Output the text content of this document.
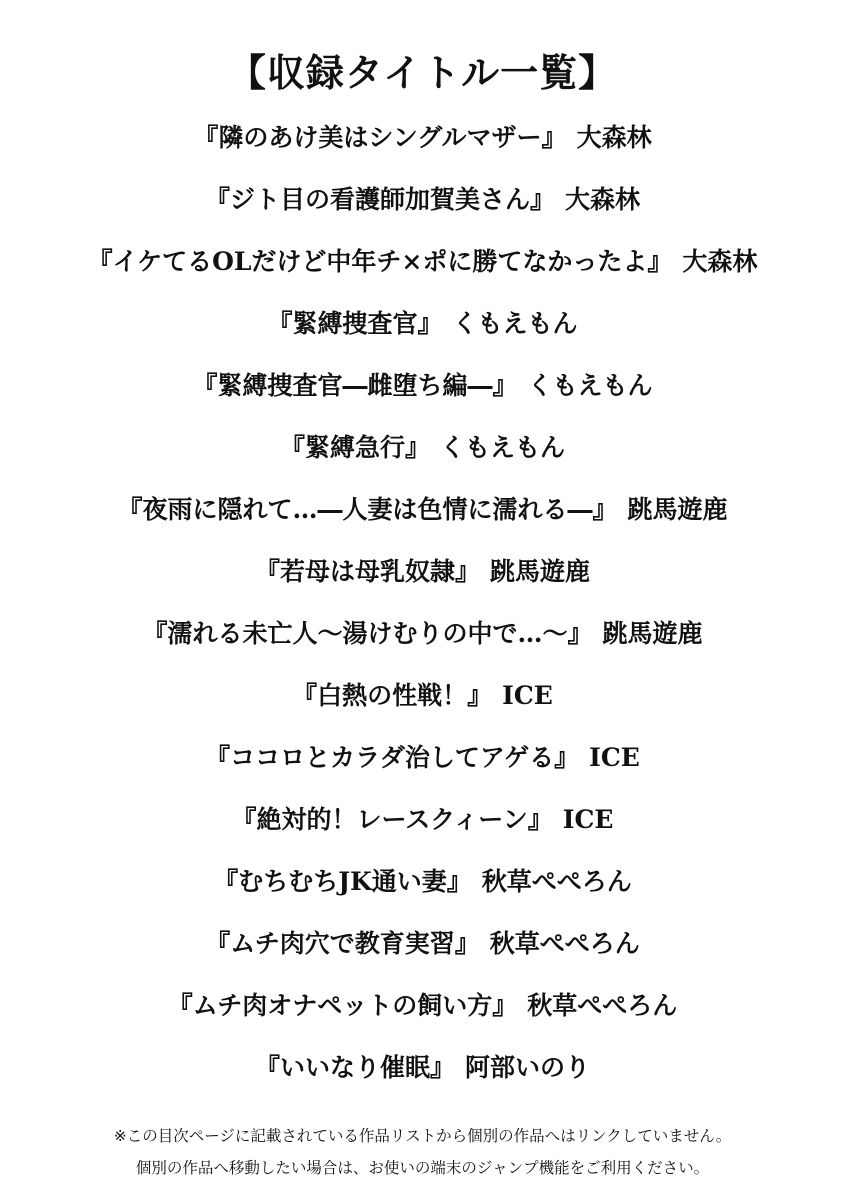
【収録タイトル一覧】
『隣のあけ美はシングルマザー』 大森林
『ジト目の看護師加賀美さん』 大森林
『イケてるOLだけど中年チ×ポに勝てなかったよ』 大森林
『緊縛捜査官』 くもえもん
『緊縛捜査官―雌堕ち編―』 くもえもん
『緊縛急行』 くもえもん
『夜雨に隠れて…―人妻は色情に濡れる―』 跳馬遊鹿
『若母は母乳奴隷』 跳馬遊鹿
『濡れる未亡人～湯けむりの中で…～』 跳馬遊鹿
『白熱の性戦！』 ICE
『ココロとカラダ治してアゲる』 ICE
『絶対的！レースクィーン』 ICE
『むちむちJK通い妻』 秋草ぺぺろん
『ムチ肉穴で教育実習』 秋草ぺぺろん
『ムチ肉オナペットの飼い方』 秋草ぺぺろん
『いいなり催眠』 阿部いのり
※この目次ページに記載されている作品リストから個別の作品へはリンクしていません。
個別の作品へ移動したい場合は、お使いの端末のジャンプ機能をご利用ください。
